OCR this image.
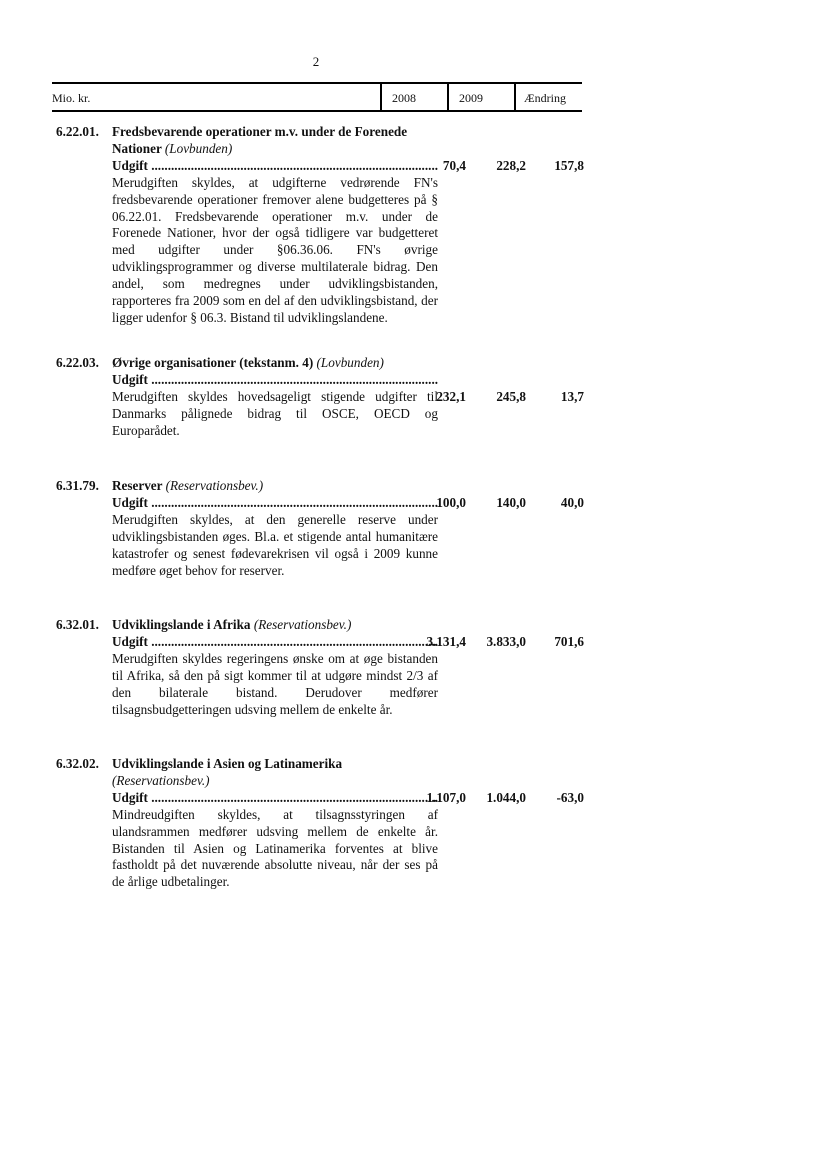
2
Mio. kr.	2008	2009	Ændring
6.22.01. Fredsbevarende operationer m.v. under de Forenede Nationer (Lovbunden)
Udgift .....
Merudgiften skyldes, at udgifterne vedrørende FN's fredsbevarende operationer fremover alene budgetteres på § 06.22.01. Fredsbevarende operationer m.v. under de Forenede Nationer, hvor der også tidligere var budgetteret med udgifter under §06.36.06. FN's øvrige udviklingsprogrammer og diverse multilaterale bidrag. Den andel, som medregnes under udviklingsbistanden, rapporteres fra 2009 som en del af den udviklingsbistand, der ligger udenfor § 06.3. Bistand til udviklingslandene.
70,4	228,2	157,8
6.22.03. Øvrige organisationer (tekstanm. 4) (Lovbunden)
Udgift .....
Merudgiften skyldes hovedsageligt stigende udgifter til Danmarks pålignede bidrag til OSCE, OECD og Europarådet.
232,1	245,8	13,7
6.31.79. Reserver (Reservationsbev.)
Udgift .....
Merudgiften skyldes, at den generelle reserve under udviklingsbistanden øges. Bl.a. et stigende antal humanitære katastrofer og senest fødevarekrisen vil også i 2009 kunne medføre øget behov for reserver.
100,0	140,0	40,0
6.32.01. Udviklingslande i Afrika (Reservationsbev.)
Udgift .....
Merudgiften skyldes regeringens ønske om at øge bistanden til Afrika, så den på sigt kommer til at udgøre mindst 2/3 af den bilaterale bistand. Derudover medfører tilsagnsbudgetteringen udsving mellem de enkelte år.
3.131,4	3.833,0	701,6
6.32.02. Udviklingslande i Asien og Latinamerika (Reservationsbev.)
Udgift .....
Mindreudgiften skyldes, at tilsagnsstyringen af ulandsrammen medfører udsving mellem de enkelte år. Bistanden til Asien og Latinamerika forventes at blive fastholdt på det nuværende absolutte niveau, når der ses på de årlige udbetalinger.
1.107,0	1.044,0	-63,0
